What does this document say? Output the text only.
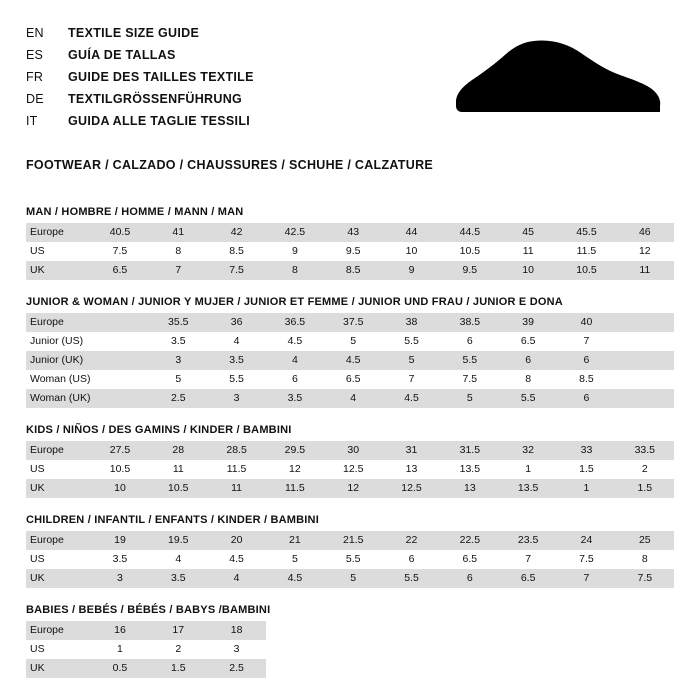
EN	TEXTILE SIZE GUIDE
ES	GUÍA DE TALLAS
FR	GUIDE DES TAILLES TEXTILE
DE	TEXTILGRÖSSENFÜHRUNG
IT	GUIDA ALLE TAGLIE TESSILI
FOOTWEAR / CALZADO / CHAUSSURES / SCHUHE / CALZATURE
MAN / HOMBRE / HOMME / MANN / MAN
Europe	40.5	41	42	42.5	43	44	44.5	45	45.5	46
US	7.5	8	8.5	9	9.5	10	10.5	11	11.5	12
UK	6.5	7	7.5	8	8.5	9	9.5	10	10.5	11
JUNIOR & WOMAN / JUNIOR Y MUJER / JUNIOR ET FEMME / JUNIOR UND FRAU / JUNIOR E DONA
Europe		35.5	36	36.5	37.5	38	38.5	39	40	
Junior (US)		3.5	4	4.5	5	5.5	6	6.5	7	
Junior (UK)		3	3.5	4	4.5	5	5.5	6	6	
Woman (US)		5	5.5	6	6.5	7	7.5	8	8.5	
Woman (UK)		2.5	3	3.5	4	4.5	5	5.5	6	
KIDS / NIÑOS / DES GAMINS / KINDER / BAMBINI
Europe	27.5	28	28.5	29.5	30	31	31.5	32	33	33.5
US	10.5	11	11.5	12	12.5	13	13.5	1	1.5	2
UK	10	10.5	11	11.5	12	12.5	13	13.5	1	1.5
CHILDREN / INFANTIL / ENFANTS / KINDER / BAMBINI
Europe	19	19.5	20	21	21.5	22	22.5	23.5	24	25
US	3.5	4	4.5	5	5.5	6	6.5	7	7.5	8
UK	3	3.5	4	4.5	5	5.5	6	6.5	7	7.5
BABIES / BEBÉS / BÉBÉS / BABYS /BAMBINI
Europe	16	17	18							
US	1	2	3							
UK	0.5	1.5	2.5							
